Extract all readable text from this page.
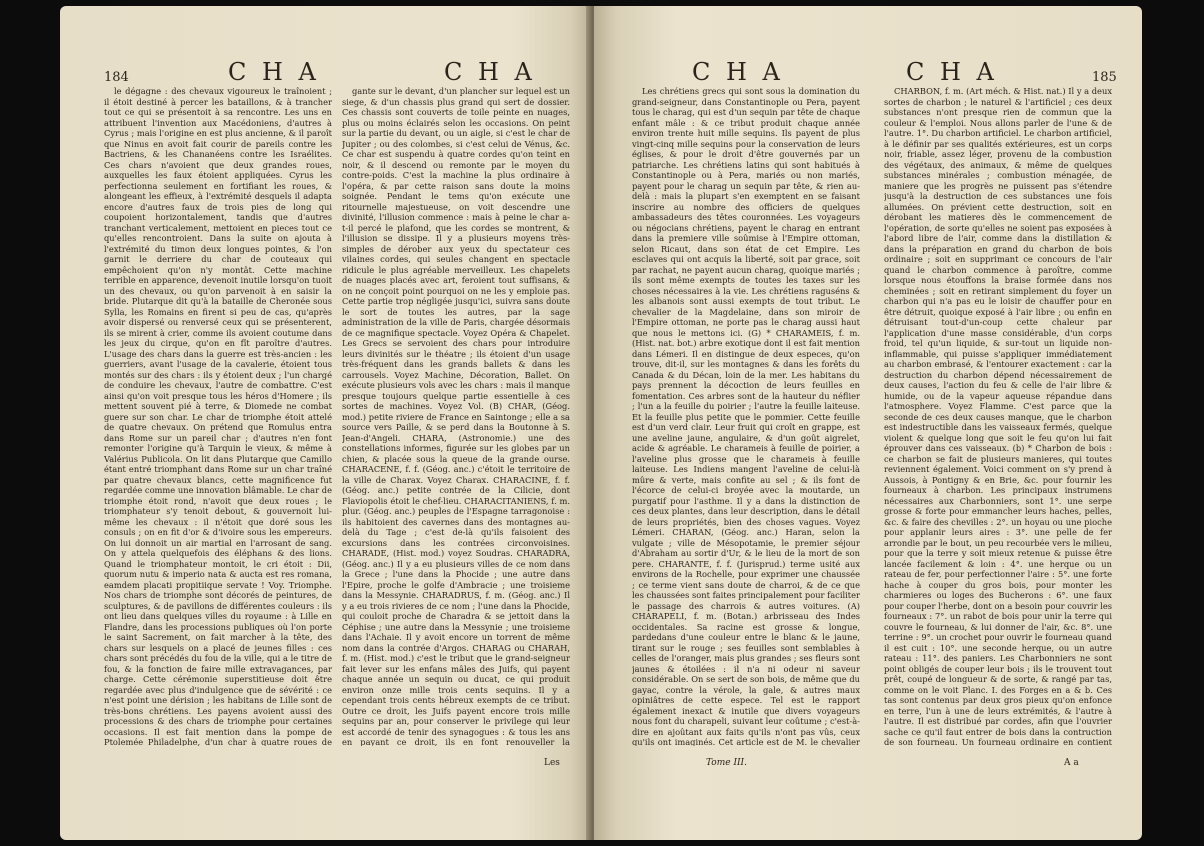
184	C H A	C H A

le dégagne : des chevaux vigoureux le traînoient ; il étoit destiné à percer les bataillons, & à trancher tout ce qui se présentoit à sa rencontre. Les uns en attribuent l'invention aux Macédoniens, d'autres à Cyrus ; mais l'origine en est plus ancienne, & il paroît que Ninus en avoit fait courir de pareils contre les Bactriens, & les Chananéens contre les Israélites. Ces chars n'avoient que deux grandes roues, auxquelles les faux étoient appliquées. Cyrus les perfectionna seulement en fortifiant les roues, & alongeant les effieux, à l'extrémité desquels il adapta encore d'autres faux de trois pies de long qui coupoient horizontalement, tandis que d'autres tranchant verticalement, mettoient en pieces tout ce qu'elles rencontroient. Dans la suite on ajouta à l'extrémité du timon deux longues pointes, & l'on garnit le derriere du char de couteaux qui empêchoient qu'on n'y montât. Cette machine terrible en apparence, devenoit inutile lorsqu'on tuoit un des chevaux, ou qu'on parvenoit à en saisir la bride. Plutarque dit qu'à la bataille de Cheronée sous Sylla, les Romains en firent si peu de cas, qu'après avoir dispersé ou renversé ceux qui se présenterent, ils se mirent à crier, comme ils avoient coutume dans les jeux du cirque, qu'on en fît paroître d'autres. L'usage des chars dans la guerre est très-ancien : les guerriers, avant l'usage de la cavalerie, étoient tous montés sur des chars : ils y étoient deux ; l'un chargé de conduire les chevaux, l'autre de combattre. C'est ainsi qu'on voit presque tous les héros d'Homere ; ils mettent souvent pié à terre, & Diomede ne combat guere sur son char. Le char de triomphe étoit attelé de quatre chevaux. On prétend que Romulus entra dans Rome sur un pareil char ; d'autres n'en font remonter l'origine qu'à Tarquin le vieux, & même à Valérius Publicola. On lit dans Plutarque que Camillo étant entré triomphant dans Rome sur un char traîné par quatre chevaux blancs, cette magnificence fut regardée comme une innovation blâmable. Le char de triomphe étoit rond, n'avoit que deux roues ; le triomphateur s'y tenoit debout, & gouvernoit lui-même les chevaux : il n'étoit que doré sous les consuls ; on en fit d'or & d'ivoire sous les empereurs. On lui donnoit un air martial en l'arrosant de sang. On y attela quelquefois des éléphans & des lions. Quand le triomphateur montoit, le cri étoit : Dii, quorum nutu & imperio nata & aucta est res romana, eamdem placati propitiique servate ! Voy. Triomphe. Nos chars de triomphe sont décorés de peintures, de sculptures, & de pavillons de différentes couleurs : ils ont lieu dans quelques villes du royaume : à Lille en Flandre, dans les processions publiques où l'on porte le saint Sacrement, on fait marcher à la tête, des chars sur lesquels on a placé de jeunes filles : ces chars sont précédés du fou de la ville, qui a le titre de fou, & la fonction de faire mille extravagances, par charge. Cette cérémonie superstitieuse doit être regardée avec plus d'indulgence que de sévérité : ce n'est point une dérision ; les habitans de Lille sont de très-bons chrétiens. Les payens avoient aussi des processions & des chars de triomphe pour certaines occasions. Il est fait mention dans la pompe de Ptolemée Philadelphe, d'un char à quatre roues de

gante sur le devant, d'un plancher sur lequel est un siege, & d'un chassis plus grand qui sert de dossier. Ces chassis sont couverts de toile peinte en nuages, plus ou moins éclairés selon les occasions. On peint sur la partie du devant, ou un aigle, si c'est le char de Jupiter ; ou des colombes, si c'est celui de Vénus, &c. Ce char est suspendu à quatre cordes qu'on teint en noir, & il descend ou remonte par le moyen du contre-poids. C'est la machine la plus ordinaire à l'opéra, & par cette raison sans doute la moins soignée. Pendant le tems qu'on exécute une ritournelle majestueuse, on voit descendre une divinité, l'illusion commence : mais à peine le char a-t-il percé le plafond, que les cordes se montrent, & l'illusion se dissipe. Il y a plusieurs moyens très-simples de dérober aux yeux du spectateur ces vilaines cordes, qui seules changent en spectacle ridicule le plus agréable merveilleux. Les chapelets de nuages placés avec art, feroient tout suffisans, & on ne conçoit point pourquoi on ne les y emploie pas. Cette partie trop négligée jusqu'ici, suivra sans doute le sort de toutes les autres, par la sage administration de la ville de Paris, chargée désormais de ce magnifique spectacle. Voyez Opéra & Chapelet. Les Grecs se servoient des chars pour introduire leurs divinités sur le théatre ; ils étoient d'un usage très-fréquent dans les grands ballets & dans les carrousels. Voyez Machine, Décoration, Ballet. On exécute plusieurs vols avec les chars : mais il manque presque toujours quelque partie essentielle à ces sortes de machines. Voyez Vol. (B) CHAR, (Géog. mod.) petite riviere de France en Saintonge ; elle a sa source vers Paille, & se perd dans la Boutonne à S. Jean-d'Angeli. CHARA, (Astronomie.) une des constellations informes, figurée sur les globes par un chien, & placée sous la queue de la grande ourse. CHARACENE, f. f. (Géog. anc.) c'étoit le territoire de la ville de Charax. Voyez Charax. CHARACINE, f. f. (Géog. anc.) petite contrée de la Cilicie, dont Flaviopolis étoit le chef-lieu. CHARACITANIENS, f. m. plur. (Géog. anc.) peuples de l'Espagne tarragonoise : ils habitoient des cavernes dans des montagnes au-delà du Tage ; c'est de-là qu'ils faisoient des excursions dans les contrées circonvoisines. CHARADE, (Hist. mod.) voyez Soudras. CHARADRA, (Géog. anc.) Il y a eu plusieurs villes de ce nom dans la Grece ; l'une dans la Phocide ; une autre dans l'Epire, proche le golfe d'Ambracie ; une troisieme dans la Messynie. CHARADRUS, f. m. (Géog. anc.) Il y a eu trois rivieres de ce nom ; l'une dans la Phocide, qui couloit proche de Charadra & se jettoit dans la Céphise ; une autre dans la Messynie ; une troisieme dans l'Achaie. Il y avoit encore un torrent de même nom dans la contrée d'Argos. CHARAG ou CHARAH, f. m. (Hist. mod.) c'est le tribut que le grand-seigneur fait lever sur les enfans mâles des Juifs, qui payent chaque année un sequin ou ducat, ce qui produit environ onze mille trois cents sequins. Il y a cependant trois cents hébreux exempts de ce tribut. Outre ce droit, les Juifs payent encore trois mille sequins par an, pour conserver le privilege qui leur est accordé de tenir des synagogues : & tous les ans en payant ce droit, ils en font renouveller la

Les
C H A	C H A	185

Les chrétiens grecs qui sont sous la domination du grand-seigneur, dans Constantinople ou Pera, payent tous le charag, qui est d'un sequin par tête de chaque enfant mâle : & ce tribut produit chaque année environ trente huit mille sequins. Ils payent de plus vingt-cinq mille sequins pour la conservation de leurs églises, & pour le droit d'être gouvernés par un patriarche. Les chrétiens latins qui sont habitués à Constantinople ou à Pera, mariés ou non mariés, payent pour le charag un sequin par tête, & rien au-delà : mais la plupart s'en exemptent en se faisant inscrire au nombre des officiers de quelques ambassadeurs des têtes couronnées. Les voyageurs ou négocians chrétiens, payent le charag en entrant dans la premiere ville soûmise à l'Empire ottoman, selon Ricaut, dans son état de cet Empire. Les esclaves qui ont acquis la liberté, soit par grace, soit par rachat, ne payent aucun charag, quoique mariés ; ils sont même exempts de toutes les taxes sur les choses nécessaires à la vie. Les chrétiens raguséns & les albanois sont aussi exempts de tout tribut. Le chevalier de la Magdelaine, dans son miroir de l'Empire ottoman, ne porte pas le charag aussi haut que nous le mettons ici. (G) * CHARAMEIS, f. m. (Hist. nat. bot.) arbre exotique dont il est fait mention dans Lémeri. Il en distingue de deux especes, qu'on trouve, dit-il, sur les montagnes & dans les forêts du Canada & du Décan, loin de la mer. Les habitans du pays prennent la décoction de leurs feuilles en fomentation. Ces arbres sont de la hauteur du néflier ; l'un a la feuille du poirier ; l'autre la feuille laiteuse. Et la feuille plus petite que le pommier. Cette feuille est d'un verd clair. Leur fruit qui croît en grappe, est une aveline jaune, angulaire, & d'un goût aigrelet, acide & agréable. Le charameis à feuille de poirier, a l'aveline plus grosse que le charameis à feuille laiteuse. Les Indiens mangent l'aveline de celui-là mûre & verte, mais confite au sel ; & ils font de l'écorce de celui-ci broyée avec la moutarde, un purgatif pour l'asthme. Il y a dans la distinction de ces deux plantes, dans leur description, dans le détail de leurs propriétés, bien des choses vagues. Voyez Lémeri. CHARAN, (Géog. anc.) Haran, selon la vulgate ; ville de Mésopotamie, le premier séjour d'Abraham au sortir d'Ur, & le lieu de la mort de son pere. CHARANTE, f. f. (Jurisprud.) terme usité aux environs de la Rochelle, pour exprimer une chaussée ; ce terme vient sans doute de charroi, & de ce que les chaussées sont faites principalement pour faciliter le passage des charrois & autres voitures. (A) CHARAPELI, f. m. (Botan.) arbrisseau des Indes occidentales. Sa racine est grosse & longue, pardedans d'une couleur entre le blanc & le jaune, tirant sur le rouge ; ses feuilles sont semblables à celles de l'oranger, mais plus grandes ; ses fleurs sont jaunes & étoilées : il n'a ni odeur ni saveur considérable. On se sert de son bois, de même que du gayac, contre la vérole, la gale, & autres maux opiniâtres de cette espece. Tel est le rapport également inexact & inutile que divers voyageurs nous font du charapeli, suivant leur coûtume ; c'est-à-dire en ajoûtant aux faits qu'ils n'ont pas vûs, ceux qu'ils ont imaginés. Cet article est de M. le chevalier

CHARBON, f. m. (Art méch. & Hist. nat.) Il y a deux sortes de charbon ; le naturel & l'artificiel ; ces deux substances n'ont presque rien de commun que la couleur & l'emploi. Nous allons parler de l'une & de l'autre. 1°. Du charbon artificiel. Le charbon artificiel, à le définir par ses qualités extérieures, est un corps noir, friable, assez léger, provenu de la combustion des végétaux, des animaux, & même de quelques substances minérales ; combustion ménagée, de maniere que les progrès ne puissent pas s'étendre jusqu'à la destruction de ces substances une fois allumées. On prévient cette destruction, soit en dérobant les matieres dès le commencement de l'opération, de sorte qu'elles ne soient pas exposées à l'abord libre de l'air, comme dans la distillation & dans la préparation en grand du charbon de bois ordinaire ; soit en supprimant ce concours de l'air quand le charbon commence à paroître, comme lorsque nous étouffons la braise formée dans nos cheminées ; soit en retirant simplement du foyer un charbon qui n'a pas eu le loisir de chauffer pour en être détruit, quoique exposé à l'air libre ; ou enfin en détruisant tout-d'un-coup cette chaleur par l'application d'une masse considérable, d'un corps froid, tel qu'un liquide, & sur-tout un liquide non-inflammable, qui puisse s'appliquer immédiatement au charbon embrasé, & l'entourer exactement : car la destruction du charbon dépend nécessairement de deux causes, l'action du feu & celle de l'air libre & humide, ou de la vapeur aqueuse répandue dans l'atmosphere. Voyez Flamme. C'est parce que la seconde de ces deux causes manque, que le charbon est indestructible dans les vaisseaux fermés, quelque violent & quelque long que soit le feu qu'on lui fait éprouver dans ces vaisseaux. (b) * Charbon de bois : ce charbon se fait de plusieurs manieres, qui toutes reviennent également. Voici comment on s'y prend à Aussois, à Pontigny & en Brie, &c. pour fournir les fourneaux à charbon. Les principaux instrumens nécessaires aux Charbonniers, sont 1°. une serpe grosse & forte pour emmancher leurs haches, pelles, &c. & faire des chevilles : 2°. un hoyau ou une pioche pour applanir leurs aires : 3°. une pelle de fer arrondie par le bout, un peu recourbée vers le milieu, pour que la terre y soit mieux retenue & puisse être lancée facilement & loin : 4°. une herque ou un rateau de fer, pour perfectionner l'aire : 5°. une forte hache à couper du gros bois, pour monter les charmieres ou loges des Bucherons : 6°. une faux pour couper l'herbe, dont on a besoin pour couvrir les fourneaux : 7°. un rabot de bois pour unir la terre qui couvre le fourneau, & lui donner de l'air, &c. 8°. une terrine : 9°. un crochet pour ouvrir le fourneau quand il est cuit : 10°. une seconde herque, ou un autre rateau : 11°. des paniers. Les Charbonniers ne sont point obligés de couper leur bois ; ils le trouvent tout prêt, coupé de longueur & de sorte, & rangé par tas, comme on le voit Planc. I. des Forges en a & b. Ces tas sont contenus par deux gros pieux qu'on enfonce en terre, l'un à une de leurs extrémités, & l'autre à l'autre. Il est distribué par cordes, afin que l'ouvrier sache ce qu'il faut entrer de bois dans la contruction de son fourneau. Un fourneau ordinaire en contient

Tome III.	A a
